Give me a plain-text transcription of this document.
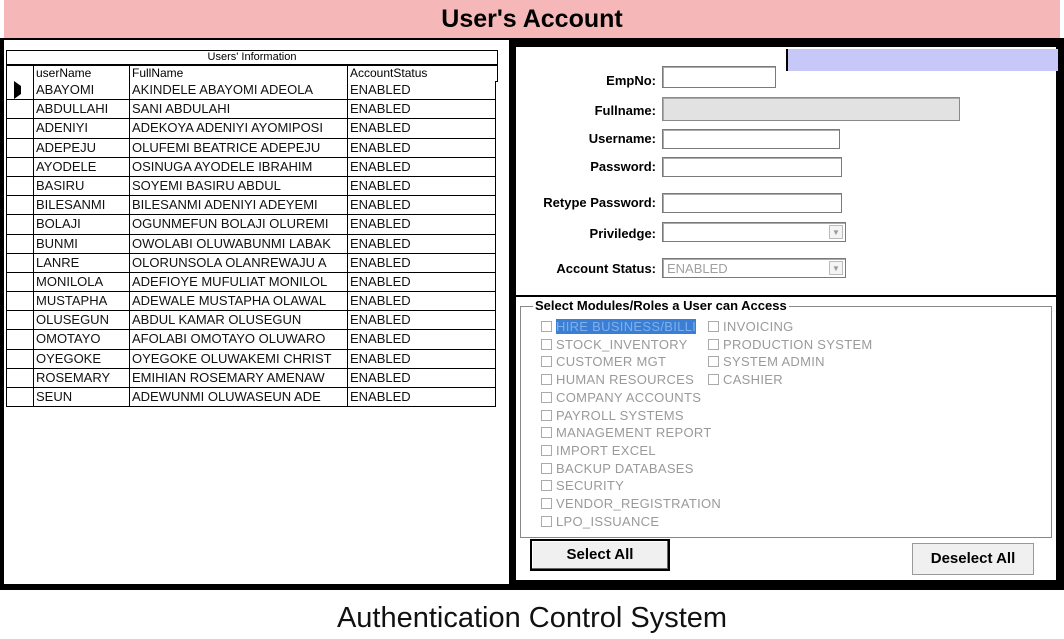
User's Account
Users' Information
userName	FullName	AccountStatus
ABAYOMI	AKINDELE ABAYOMI ADEOLA	ENABLED
ABDULLAHI	SANI ABDULAHI	ENABLED
ADENIYI	ADEKOYA ADENIYI AYOMIPOSI	ENABLED
ADEPEJU	OLUFEMI BEATRICE ADEPEJU	ENABLED
AYODELE	OSINUGA AYODELE IBRAHIM	ENABLED
BASIRU	SOYEMI BASIRU ABDUL	ENABLED
BILESANMI	BILESANMI ADENIYI ADEYEMI	ENABLED
BOLAJI	OGUNMEFUN BOLAJI OLUREMI	ENABLED
BUNMI	OWOLABI OLUWABUNMI LABAK	ENABLED
LANRE	OLORUNSOLA OLANREWAJU A	ENABLED
MONILOLA	ADEFIOYE MUFULIAT MONILOL	ENABLED
MUSTAPHA	ADEWALE MUSTAPHA OLAWAL	ENABLED
OLUSEGUN	ABDUL KAMAR OLUSEGUN	ENABLED
OMOTAYO	AFOLABI OMOTAYO OLUWARO	ENABLED
OYEGOKE	OYEGOKE OLUWAKEMI CHRIST	ENABLED
ROSEMARY	EMIHIAN ROSEMARY AMENAW	ENABLED
SEUN	ADEWUNMI OLUWASEUN ADE	ENABLED
EmpNo:
Fullname:
Username:
Password:
Retype Password:
Priviledge:	▼
Account Status: ENABLED	▼
Select Modules/Roles a User can Access
HIRE BUSINESS/BILLI
STOCK_INVENTORY
CUSTOMER MGT
HUMAN RESOURCES
COMPANY ACCOUNTS
PAYROLL SYSTEMS
MANAGEMENT REPORT
IMPORT EXCEL
BACKUP DATABASES
SECURITY
VENDOR_REGISTRATION
LPO_ISSUANCE
INVOICING
PRODUCTION SYSTEM
SYSTEM ADMIN
CASHIER
Select All	Deselect All
Authentication Control System
